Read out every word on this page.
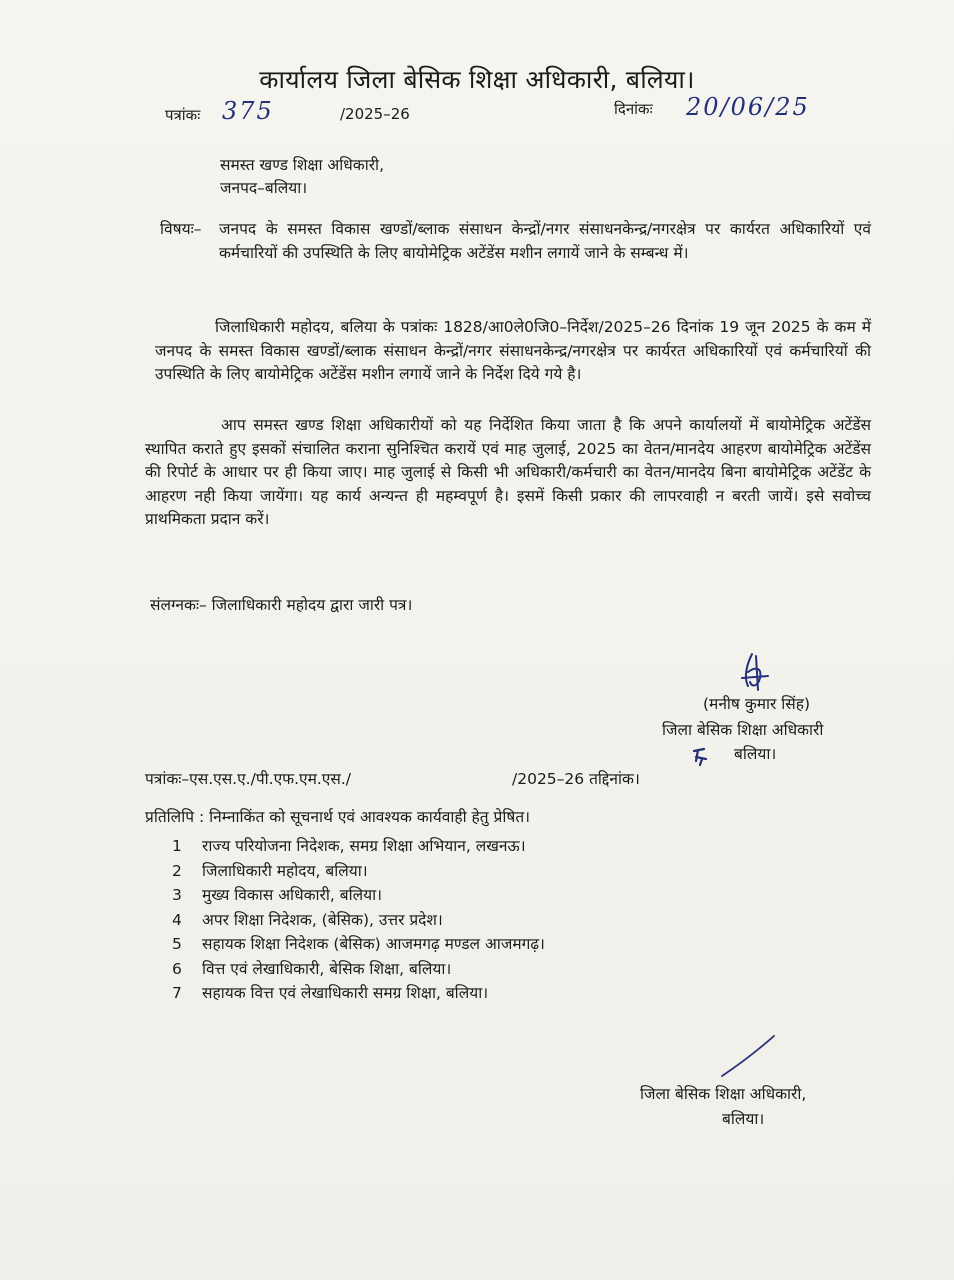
कार्यालय जिला बेसिक शिक्षा अधिकारी, बलिया।
पत्रांकः 375	/2025–26	दिनांकः 20/06/25
समस्त खण्ड शिक्षा अधिकारी,
जनपद–बलिया।
विषयः– जनपद के समस्त विकास खण्डों/ब्लाक संसाधन केन्द्रों/नगर संसाधनकेन्द्र/नगरक्षेत्र पर कार्यरत अधिकारियों एवं कर्मचारियों की उपस्थिति के लिए बायोमेट्रिक अटेंडेंस मशीन लगायें जाने के सम्बन्ध में।
जिलाधिकारी महोदय, बलिया के पत्रांकः 1828/आ0ले0जि0–निर्देश/2025–26 दिनांक 19 जून 2025 के कम में जनपद के समस्त विकास खण्डों/ब्लाक संसाधन केन्द्रों/नगर संसाधनकेन्द्र/नगरक्षेत्र पर कार्यरत अधिकारियों एवं कर्मचारियों की उपस्थिति के लिए बायोमेट्रिक अटेंडेंस मशीन लगायें जाने के निर्देश दिये गये है।
आप समस्त खण्ड शिक्षा अधिकारीयों को यह निर्देशित किया जाता है कि अपने कार्यालयों में बायोमेट्रिक अटेंडेंस स्थापित कराते हुए इसकों संचालित कराना सुनिश्चित करायें एवं माह जुलाई, 2025 का वेतन/मानदेय आहरण बायोमेट्रिक अटेंडेंस की रिपोर्ट के आधार पर ही किया जाए। माह जुलाई से किसी भी अधिकारी/कर्मचारी का वेतन/मानदेय बिना बायोमेट्रिक अटेंडेंट के आहरण नही किया जायेंगा। यह कार्य अन्यन्त ही महम्वपूर्ण है। इसमें किसी प्रकार की लापरवाही न बरती जायें। इसे सवोच्च प्राथमिकता प्रदान करें।
संलग्नकः– जिलाधिकारी महोदय द्वारा जारी पत्र।
(मनीष कुमार सिंह)
जिला बेसिक शिक्षा अधिकारी
बलिया।
पत्रांकः–एस.एस.ए./पी.एफ.एम.एस./	/2025–26 तद्दिनांक।
प्रतिलिपि : निम्नाकिंत को सूचनार्थ एवं आवश्यक कार्यवाही हेतु प्रेषित।
1 राज्य परियोजना निदेशक, समग्र शिक्षा अभियान, लखनऊ।
2 जिलाधिकारी महोदय, बलिया।
3 मुख्य विकास अधिकारी, बलिया।
4 अपर शिक्षा निदेशक, (बेसिक), उत्तर प्रदेश।
5 सहायक शिक्षा निदेशक (बेसिक) आजमगढ़ मण्डल आजमगढ़।
6 वित्त एवं लेखाधिकारी, बेसिक शिक्षा, बलिया।
7 सहायक वित्त एवं लेखाधिकारी समग्र शिक्षा, बलिया।
जिला बेसिक शिक्षा अधिकारी,
बलिया।
